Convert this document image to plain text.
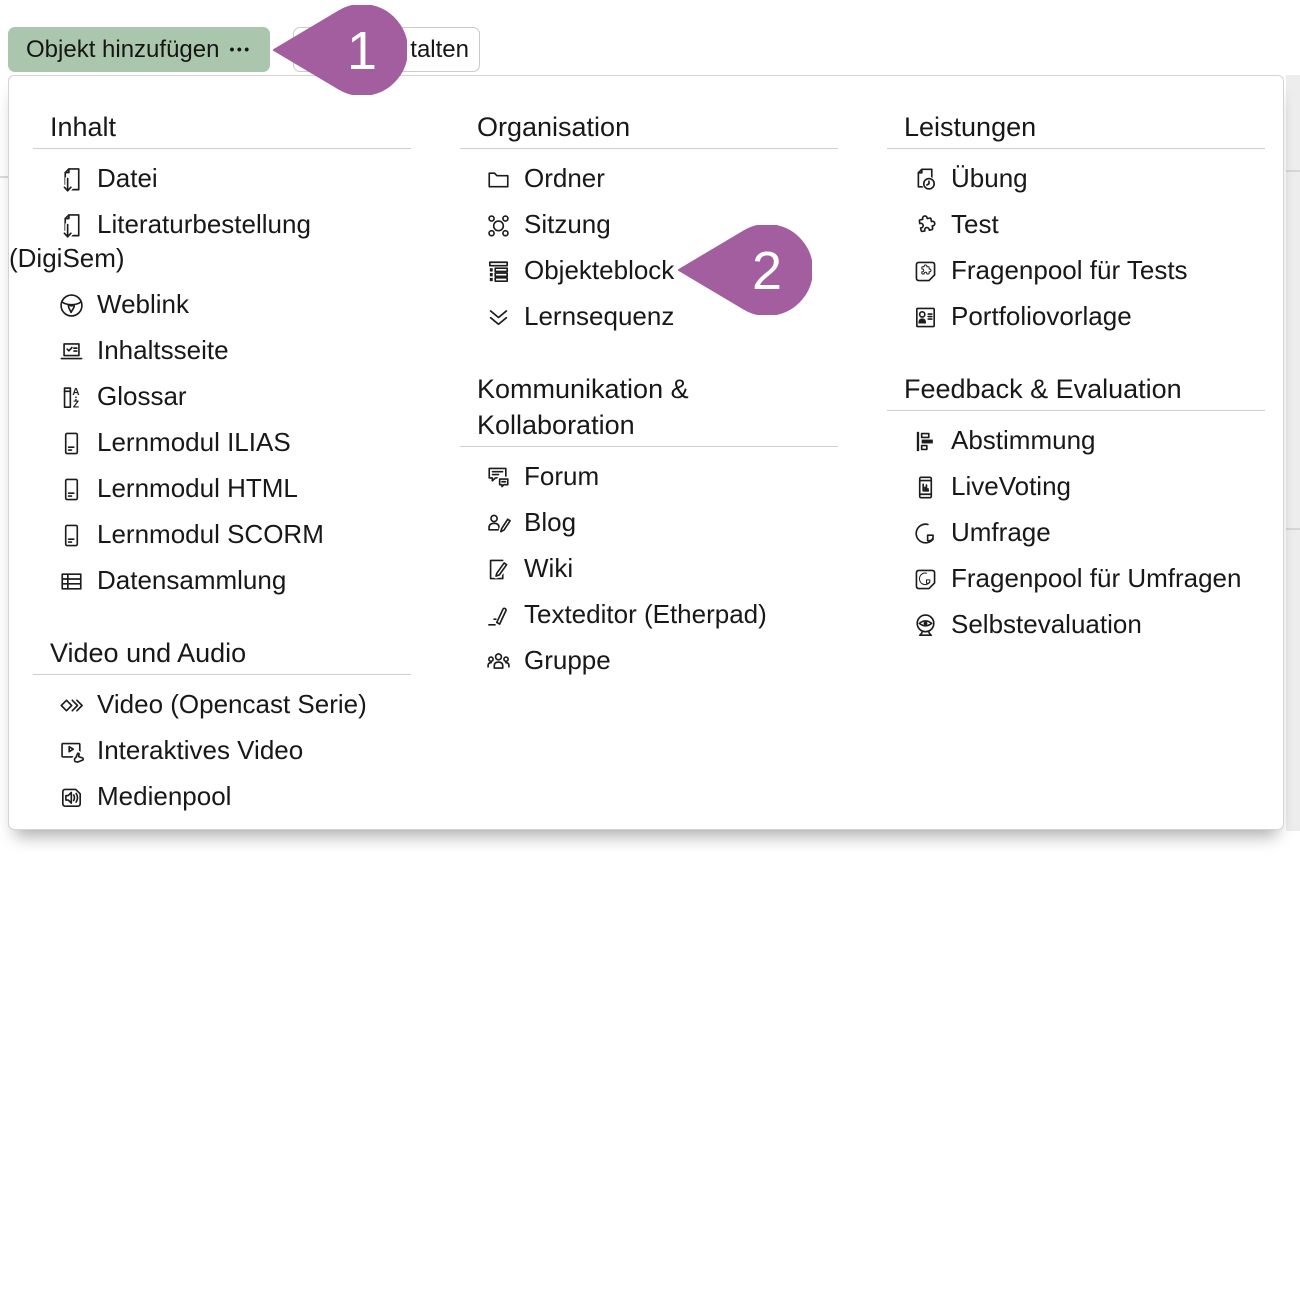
Objekt hinzufügen •••	talten
Inhalt
Datei
Literaturbestellung (DigiSem)
Weblink
Inhaltsseite
A
Z Glossar
Lernmodul ILIAS
Lernmodul HTML
Lernmodul SCORM
Datensammlung
Video und Audio
Video (Opencast Serie)
Interaktives Video
Medienpool
Organisation
Ordner
Sitzung
Objekteblock
Lernsequenz
Kommunikation & Kollaboration
Forum
Blog
Wiki
Texteditor (Etherpad)
Gruppe
Leistungen
Übung
Test
Fragenpool für Tests
Portfoliovorlage
Feedback & Evaluation
Abstimmung
LiveVoting
Umfrage
Fragenpool für Umfragen
Selbstevaluation
1
2
